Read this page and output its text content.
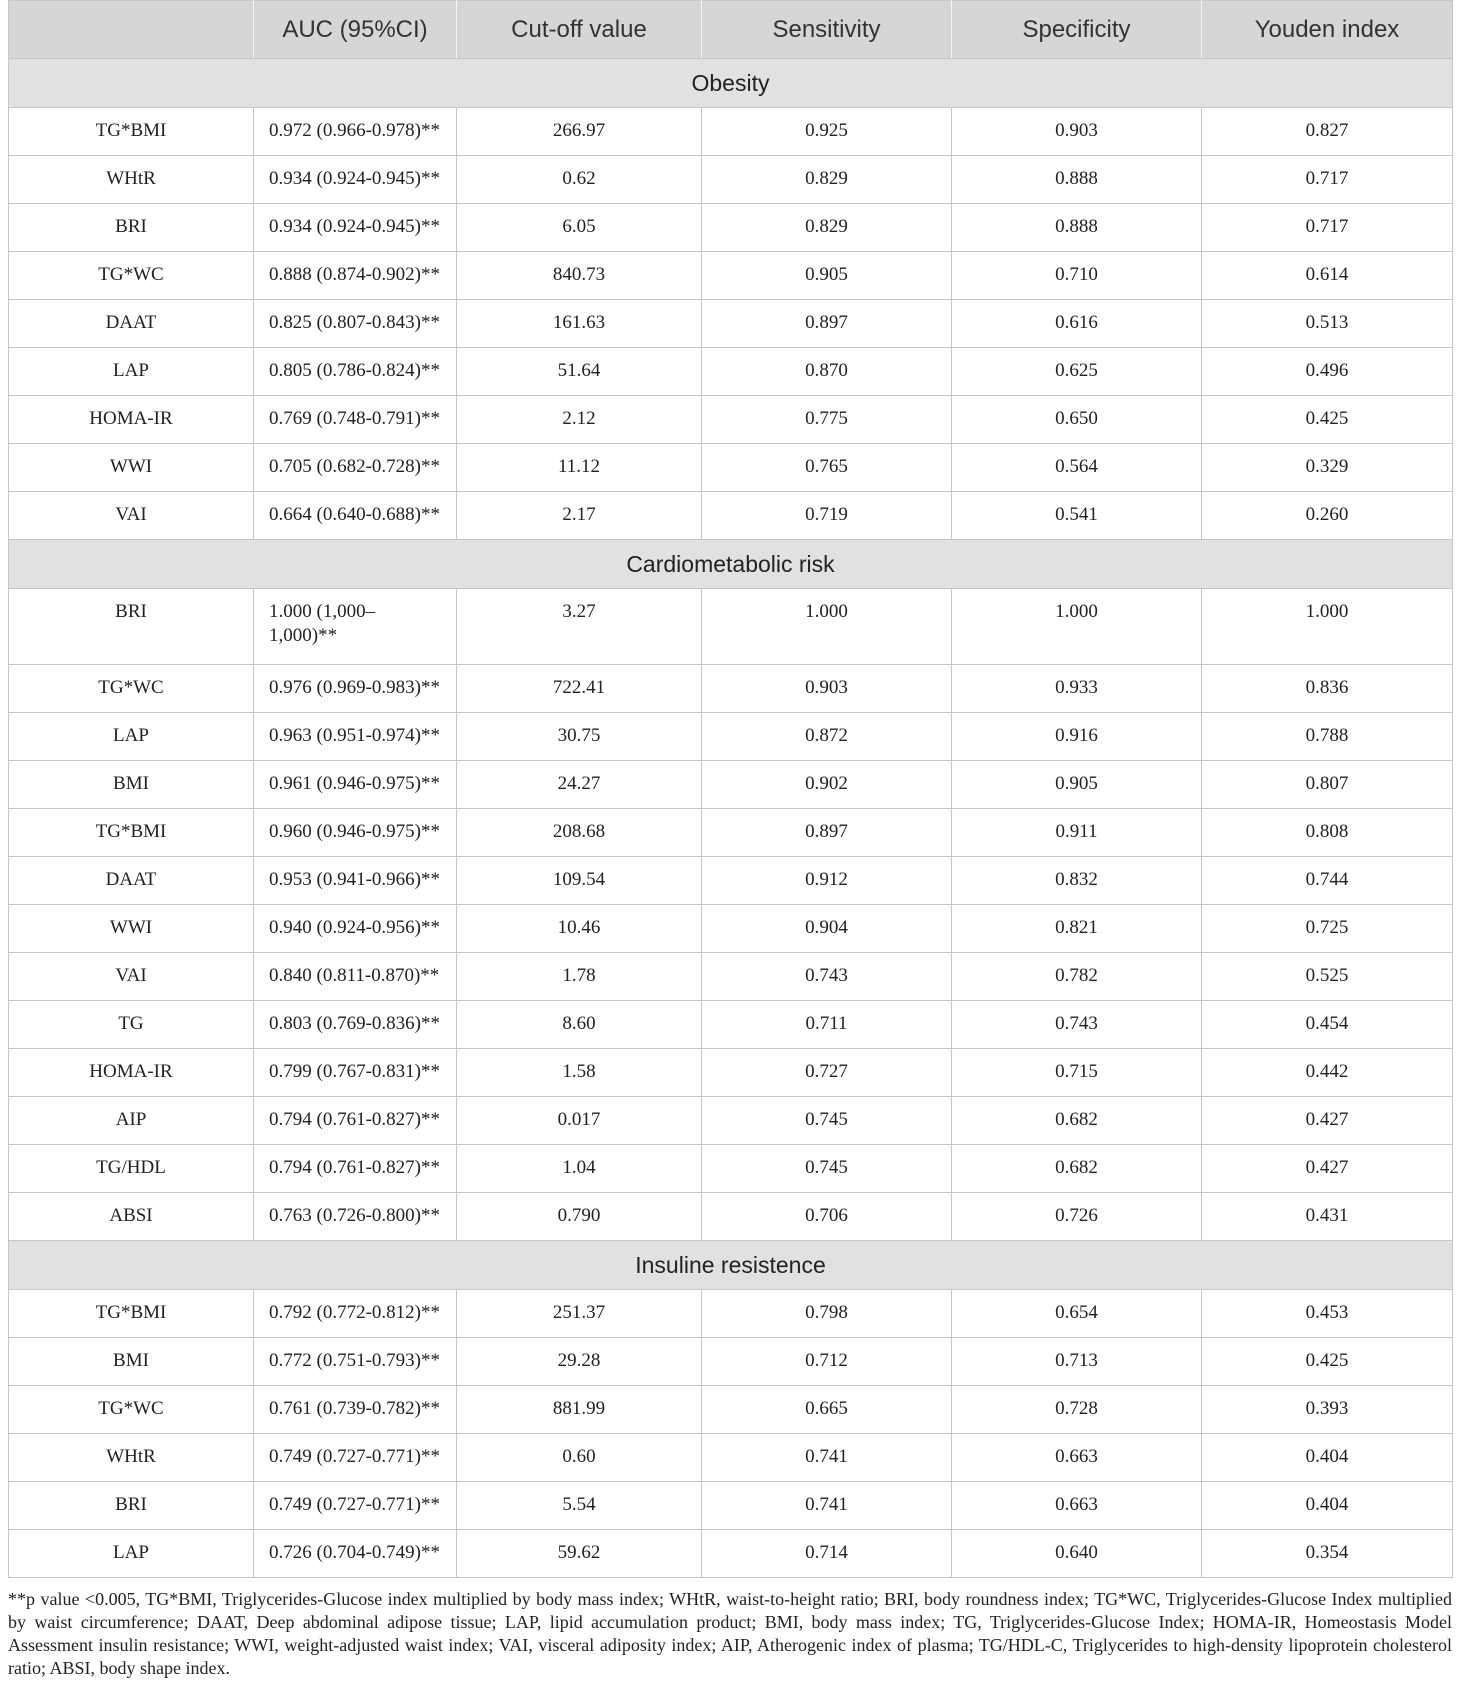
	AUC (95%CI)	Cut-off value	Sensitivity	Specificity	Youden index
Obesity					
TG*BMI	0.972 (0.966-0.978)**	266.97	0.925	0.903	0.827
WHtR	0.934 (0.924-0.945)**	0.62	0.829	0.888	0.717
BRI	0.934 (0.924-0.945)**	6.05	0.829	0.888	0.717
TG*WC	0.888 (0.874-0.902)**	840.73	0.905	0.710	0.614
DAAT	0.825 (0.807-0.843)**	161.63	0.897	0.616	0.513
LAP	0.805 (0.786-0.824)**	51.64	0.870	0.625	0.496
HOMA-IR	0.769 (0.748-0.791)**	2.12	0.775	0.650	0.425
WWI	0.705 (0.682-0.728)**	11.12	0.765	0.564	0.329
VAI	0.664 (0.640-0.688)**	2.17	0.719	0.541	0.260
Cardiometabolic risk					
BRI	1.000 (1,000–1,000)**	3.27	1.000	1.000	1.000
TG*WC	0.976 (0.969-0.983)**	722.41	0.903	0.933	0.836
LAP	0.963 (0.951-0.974)**	30.75	0.872	0.916	0.788
BMI	0.961 (0.946-0.975)**	24.27	0.902	0.905	0.807
TG*BMI	0.960 (0.946-0.975)**	208.68	0.897	0.911	0.808
DAAT	0.953 (0.941-0.966)**	109.54	0.912	0.832	0.744
WWI	0.940 (0.924-0.956)**	10.46	0.904	0.821	0.725
VAI	0.840 (0.811-0.870)**	1.78	0.743	0.782	0.525
TG	0.803 (0.769-0.836)**	8.60	0.711	0.743	0.454
HOMA-IR	0.799 (0.767-0.831)**	1.58	0.727	0.715	0.442
AIP	0.794 (0.761-0.827)**	0.017	0.745	0.682	0.427
TG/HDL	0.794 (0.761-0.827)**	1.04	0.745	0.682	0.427
ABSI	0.763 (0.726-0.800)**	0.790	0.706	0.726	0.431
Insuline resistence					
TG*BMI	0.792 (0.772-0.812)**	251.37	0.798	0.654	0.453
BMI	0.772 (0.751-0.793)**	29.28	0.712	0.713	0.425
TG*WC	0.761 (0.739-0.782)**	881.99	0.665	0.728	0.393
WHtR	0.749 (0.727-0.771)**	0.60	0.741	0.663	0.404
BRI	0.749 (0.727-0.771)**	5.54	0.741	0.663	0.404
LAP	0.726 (0.704-0.749)**	59.62	0.714	0.640	0.354
**p value <0.005, TG*BMI, Triglycerides-Glucose index multiplied by body mass index; WHtR, waist-to-height ratio; BRI, body roundness index; TG*WC, Triglycerides-Glucose Index multiplied by waist circumference; DAAT, Deep abdominal adipose tissue; LAP, lipid accumulation product; BMI, body mass index; TG, Triglycerides-Glucose Index; HOMA-IR, Homeostasis Model Assessment insulin resistance; WWI, weight-adjusted waist index; VAI, visceral adiposity index; AIP, Atherogenic index of plasma; TG/HDL-C, Triglycerides to high-density lipoprotein cholesterol ratio; ABSI, body shape index.
